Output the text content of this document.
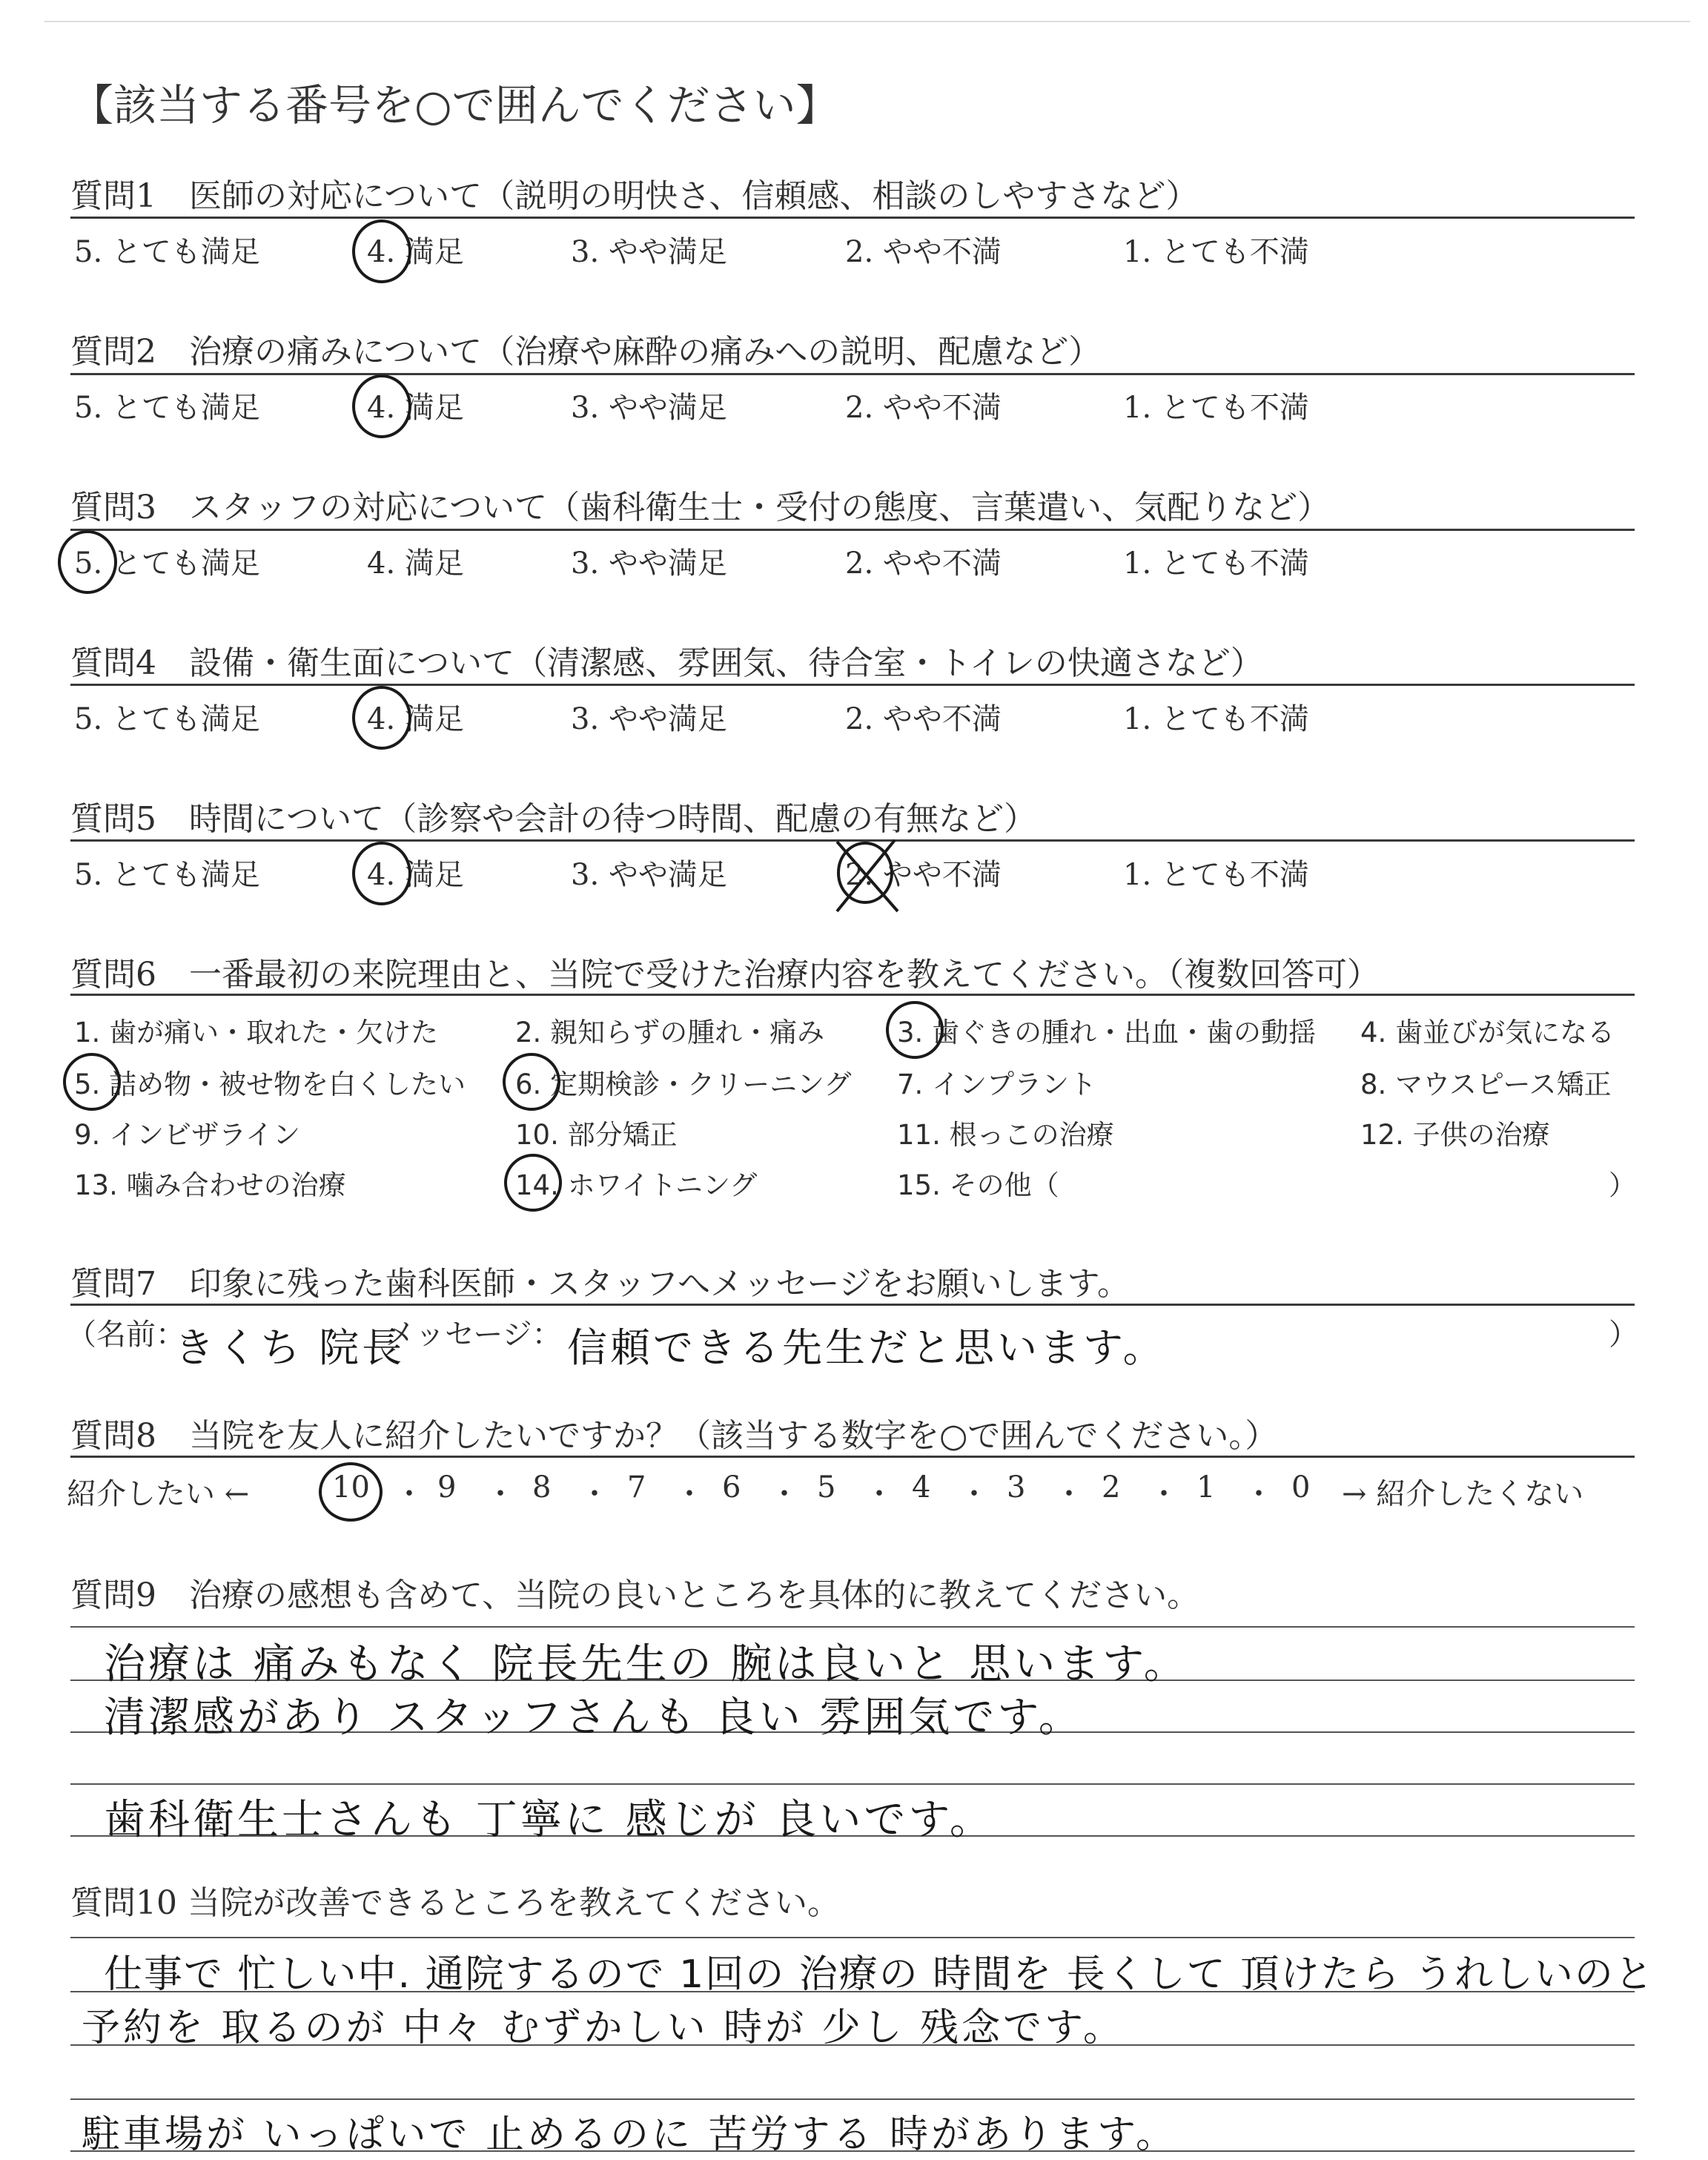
【該当する番号を○で囲んでください】
質問1　医師の対応について（説明の明快さ、信頼感、相談のしやすさなど）
5. とても満足	4. 満足	3. やや満足	2. やや不満	1. とても不満
質問2　治療の痛みについて（治療や麻酔の痛みへの説明、配慮など）
5. とても満足	4. 満足	3. やや満足	2. やや不満	1. とても不満
質問3　スタッフの対応について（歯科衛生士・受付の態度、言葉遣い、気配りなど）
5. とても満足	4. 満足	3. やや満足	2. やや不満	1. とても不満
質問4　設備・衛生面について（清潔感、雰囲気、待合室・トイレの快適さなど）
5. とても満足	4. 満足	3. やや満足	2. やや不満	1. とても不満
質問5　時間について（診察や会計の待つ時間、配慮の有無など）
5. とても満足	4. 満足	3. やや満足	2. やや不満	1. とても不満
質問6　一番最初の来院理由と、当院で受けた治療内容を教えてください。（複数回答可）
1. 歯が痛い・取れた・欠けた	2. 親知らずの腫れ・痛み	3. 歯ぐきの腫れ・出血・歯の動揺 4. 歯並びが気になる
5. 詰め物・被せ物を白くしたい 6. 定期検診・クリーニング 7. インプラント	8. マウスピース矯正
9. インビザライン	10. 部分矯正	11. 根っこの治療	12. 子供の治療
13. 噛み合わせの治療	14. ホワイトニング	15. その他（	）
質問7　印象に残った歯科医師・スタッフへメッセージをお願いします。
（名前：
きくち 院長
メッセージ： 信頼できる先生だと思います。	）
質問8　当院を友人に紹介したいですか？（該当する数字を○で囲んでください。）
紹介したい ←	10 ・ 9 ・ 8 ・ 7 ・ 6 ・ 5 ・ 4 ・ 3 ・ 2 ・ 1 ・ 0 → 紹介したくない
質問9　治療の感想も含めて、当院の良いところを具体的に教えてください。
治療は 痛みもなく 院長先生の 腕は良いと 思います。
清潔感があり スタッフさんも 良い 雰囲気です。
歯科衛生士さんも 丁寧に 感じが 良いです。
質問10 当院が改善できるところを教えてください。
仕事で 忙しい中. 通院するので 1回の 治療の 時間を 長くして 頂けたら うれしいのと
予約を 取るのが 中々 むずかしい 時が 少し 残念です。
駐車場が いっぱいで 止めるのに 苦労する 時があります。
